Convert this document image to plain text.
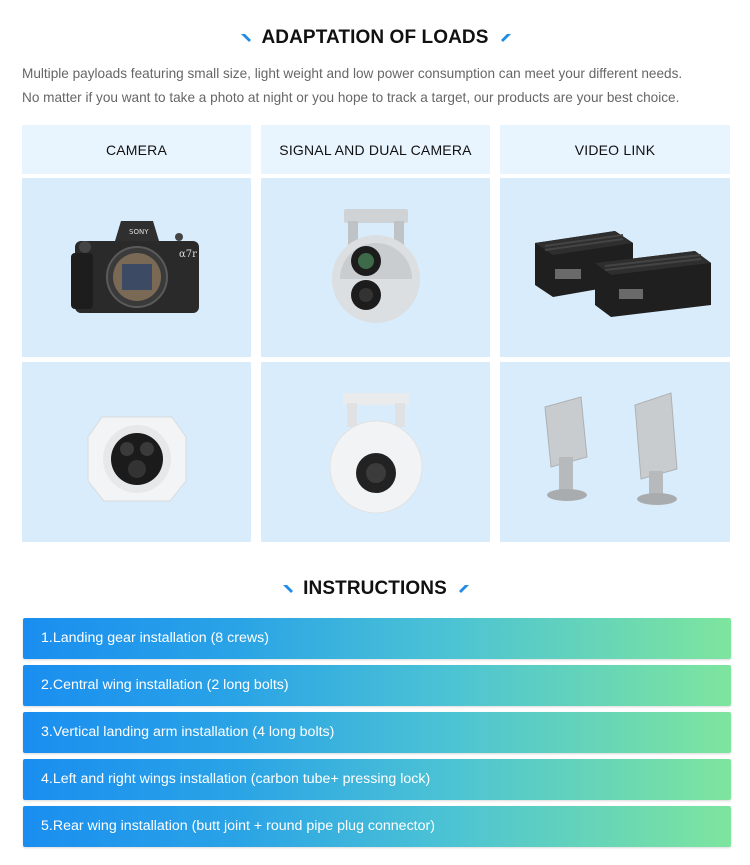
ADAPTATION OF LOADS
Multiple payloads featuring small size, light weight and low power consumption can meet your different needs.
No matter if you want to take a photo at night or you hope to track a target, our products are your best choice.
CAMERA	SIGNAL AND DUAL CAMERA	VIDEO LINK
SONY
α7r
INSTRUCTIONS
1.Landing gear installation (8 crews)
2.Central wing installation (2 long bolts)
3.Vertical landing arm installation (4 long bolts)
4.Left and right wings installation (carbon tube+ pressing lock)
5.Rear wing installation (butt joint + round pipe plug connector)
